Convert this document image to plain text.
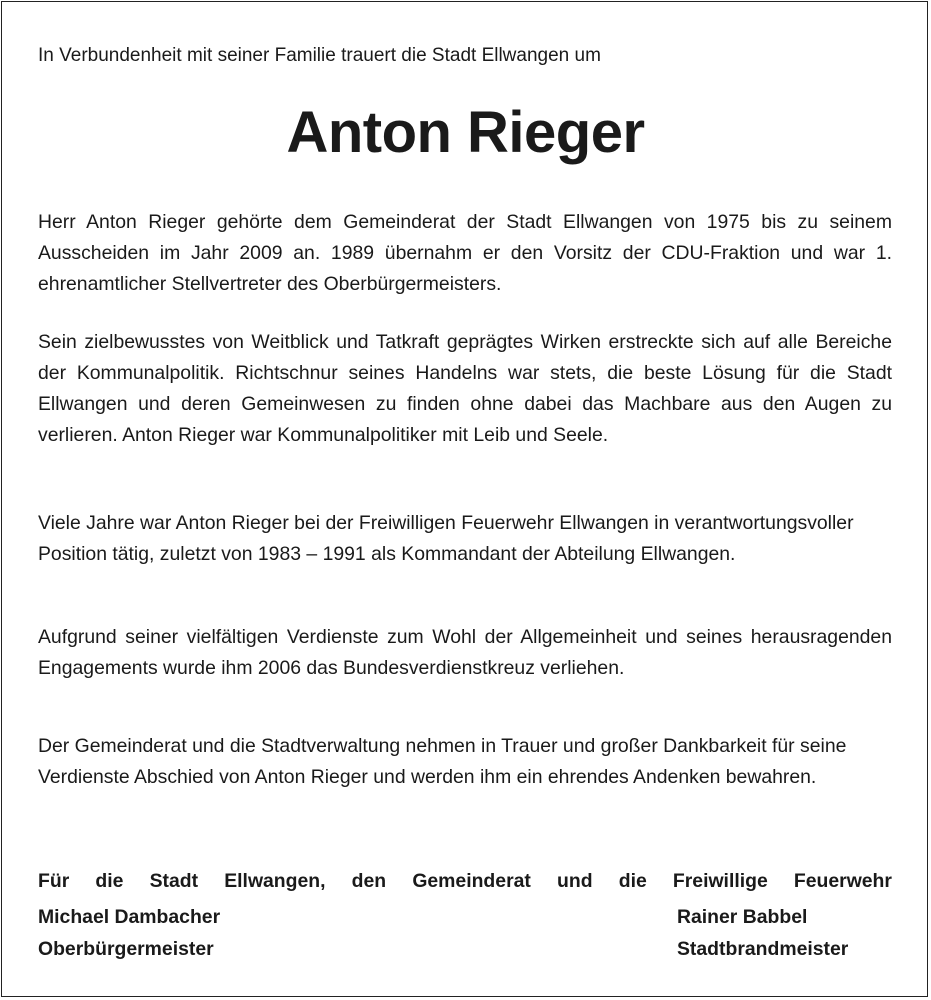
In Verbundenheit mit seiner Familie trauert die Stadt Ellwangen um
Anton Rieger

Herr Anton Rieger gehörte dem Gemeinderat der Stadt Ellwangen von 1975 bis zu seinem Ausscheiden im Jahr 2009 an. 1989 übernahm er den Vorsitz der CDU-Fraktion und war 1. ehrenamtlicher Stellvertreter des Oberbürgermeisters.

Sein zielbewusstes von Weitblick und Tatkraft geprägtes Wirken erstreckte sich auf alle Bereiche der Kommunalpolitik. Richtschnur seines Handelns war stets, die beste Lösung für die Stadt Ellwangen und deren Gemeinwesen zu finden ohne dabei das Machbare aus den Augen zu verlieren. Anton Rieger war Kommunalpolitiker mit Leib und Seele.

Viele Jahre war Anton Rieger bei der Freiwilligen Feuerwehr Ellwangen in verantwortungsvoller Position tätig, zuletzt von 1983 – 1991 als Kommandant der Abteilung Ellwangen.

Aufgrund seiner vielfältigen Verdienste zum Wohl der Allgemeinheit und seines herausragenden Engagements wurde ihm 2006 das Bundesverdienstkreuz verliehen.

Der Gemeinderat und die Stadtverwaltung nehmen in Trauer und großer Dankbarkeit für seine Verdienste Abschied von Anton Rieger und werden ihm ein ehrendes Andenken bewahren.

Für die Stadt Ellwangen, den Gemeinderat und die Freiwillige Feuerwehr
Michael Dambacher
Oberbürgermeister
Rainer Babbel
Stadtbrandmeister
